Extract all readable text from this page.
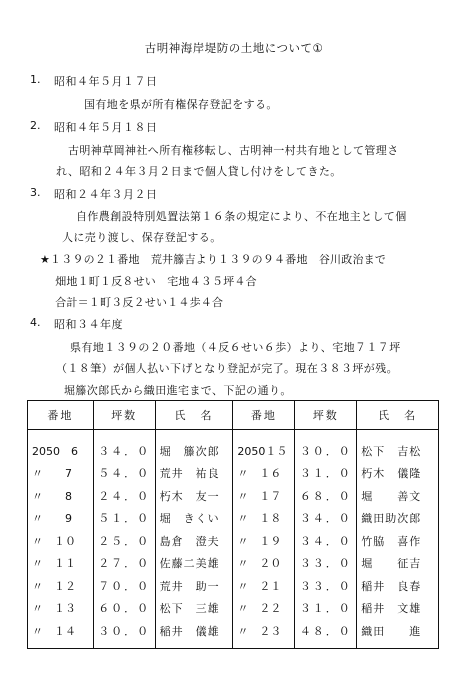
古明神海岸堤防の土地について①
1. 昭和４年５月１７日
国有地を県が所有権保存登記をする。
2. 昭和４年５月１８日
古明神草岡神社へ所有権移転し、古明神一村共有地として管理さ
れ、昭和２４年３月２日まで個人貸し付けをしてきた。
3. 昭和２４年３月２日
自作農創設特別処置法第１６条の規定により、不在地主として個
人に売り渡し、保存登記する。
★１３９の２１番地　荒井籐吉より１３９の９４番地　谷川政治まで
　畑地１町１反８せい　宅地４３５坪４合
　合計＝１町３反２せい１４歩４合
4. 昭和３４年度
県有地１３９の２０番地（４反６せい６歩）より、宅地７１７坪
（１８筆）が個人払い下げとなり登記が完了。現在３８３坪が残。
堀籐次郎氏から織田進宅まで、下記の通り。
番地	坪数	氏　名	番地	坪数	氏　名
2050　6	３４．０	堀　籐次郎	2050１５	３０．０	松下　吉松
〃　　7	５４．０	荒井　祐良	〃　１６	３１．０	朽木　儀隆
〃　　8	２４．０	朽木　友一	〃　１７	６８．０	堀　　善文
〃　　9	５１．０	堀　きくい	〃　１８	３４．０	織田助次郎
〃　１０	２５．０	島倉　澄夫	〃　１９	３４．０	竹脇　喜作
〃　１１	２７．０	佐藤二美雄	〃　２０	３３．０	堀　　征吉
〃　１２	７０．０	荒井　助一	〃　２１	３３．０	稲井　良春
〃　１３	６０．０	松下　三雄	〃　２２	３１．０	稲井　文雄
〃　１４	３０．０	稲井　儀雄	〃　２３	４８．０	織田　　進
